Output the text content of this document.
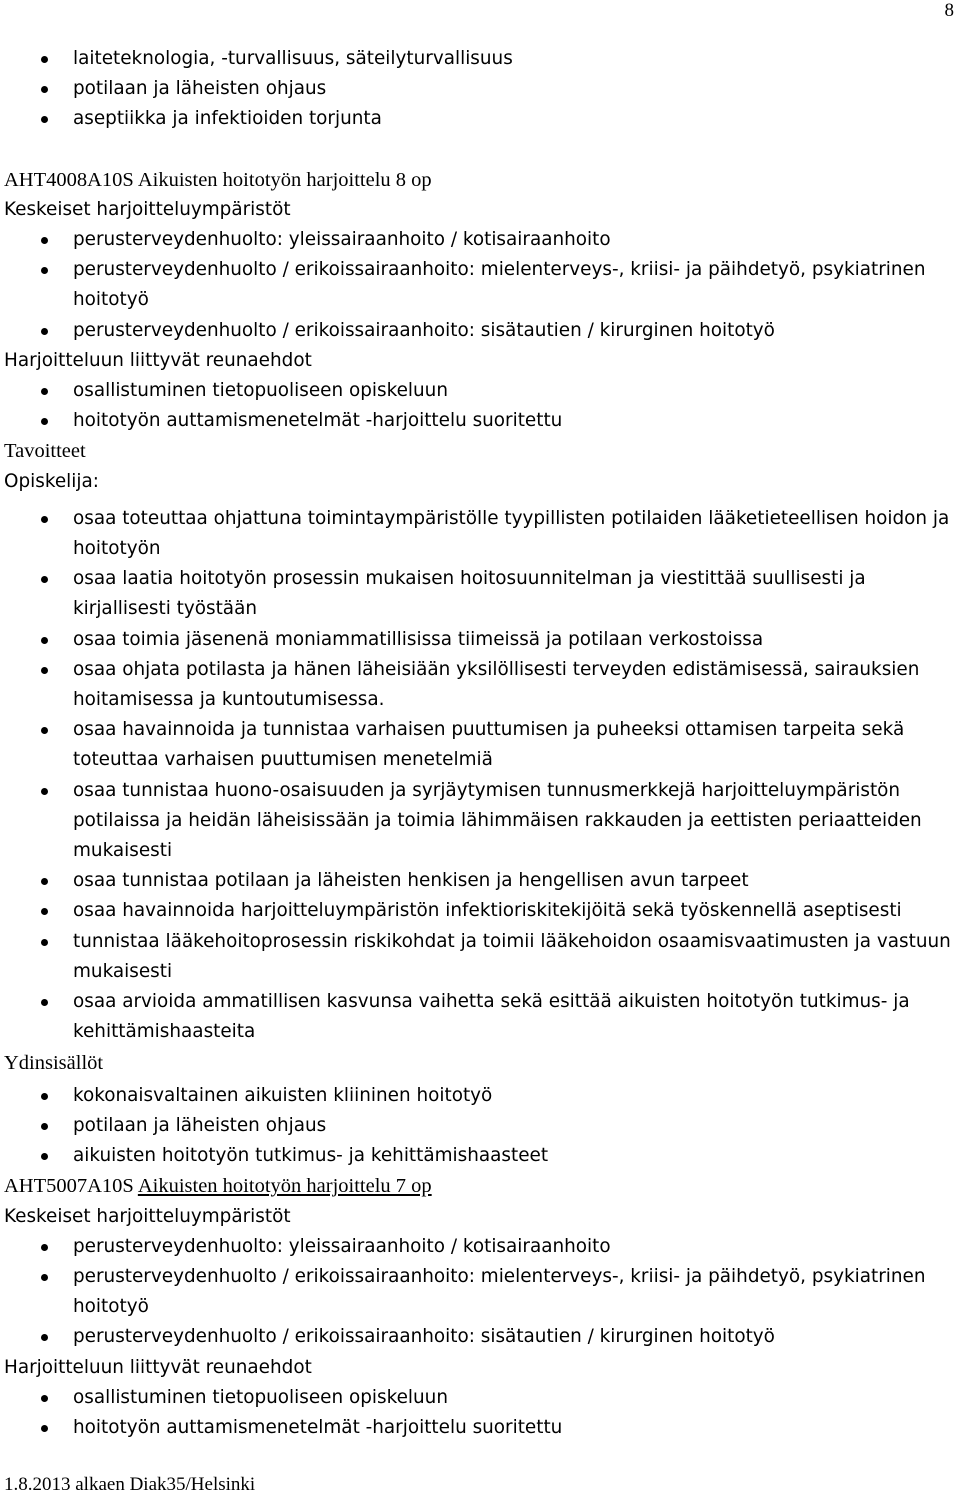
8
laiteteknologia, -turvallisuus, säteilyturvallisuus
potilaan ja läheisten ohjaus
aseptiikka ja infektioiden torjunta
AHT4008A10S Aikuisten hoitotyön harjoittelu 8 op
Keskeiset harjoitteluympäristöt
perusterveydenhuolto: yleissairaanhoito / kotisairaanhoito
perusterveydenhuolto / erikoissairaanhoito: mielenterveys-, kriisi- ja päihdetyö, psykiatrinen hoitotyö
perusterveydenhuolto / erikoissairaanhoito: sisätautien / kirurginen hoitotyö
Harjoitteluun liittyvät reunaehdot
osallistuminen tietopuoliseen opiskeluun
hoitotyön auttamismenetelmät -harjoittelu suoritettu
Tavoitteet
Opiskelija:
osaa toteuttaa ohjattuna toimintaympäristölle tyypillisten potilaiden lääketieteellisen hoidon ja hoitotyön
osaa laatia hoitotyön prosessin mukaisen hoitosuunnitelman ja viestittää suullisesti ja kirjallisesti työstään
osaa toimia jäsenenä moniammatillisissa tiimeissä ja potilaan verkostoissa
osaa ohjata potilasta ja hänen läheisiään yksilöllisesti terveyden edistämisessä, sairauksien hoitamisessa ja kuntoutumisessa.
osaa havainnoida ja tunnistaa varhaisen puuttumisen ja puheeksi ottamisen tarpeita sekä toteuttaa varhaisen puuttumisen menetelmiä
osaa tunnistaa huono-osaisuuden ja syrjäytymisen tunnusmerkkejä harjoitteluympäristön potilaissa ja heidän läheisissään ja toimia lähimmäisen rakkauden ja eettisten periaatteiden mukaisesti
osaa tunnistaa potilaan ja läheisten henkisen ja hengellisen avun tarpeet
osaa havainnoida harjoitteluympäristön infektioriskitekijöitä sekä työskennellä aseptisesti
tunnistaa lääkehoitoprosessin riskikohdat ja toimii lääkehoidon osaamisvaatimusten ja vastuun mukaisesti
osaa arvioida ammatillisen kasvunsa vaihetta sekä esittää aikuisten hoitotyön tutkimus- ja kehittämishaasteita
Ydinsisällöt
kokonaisvaltainen aikuisten kliininen hoitotyö
potilaan ja läheisten ohjaus
aikuisten hoitotyön tutkimus- ja kehittämishaasteet
AHT5007A10S Aikuisten hoitotyön harjoittelu 7 op
Keskeiset harjoitteluympäristöt
perusterveydenhuolto: yleissairaanhoito / kotisairaanhoito
perusterveydenhuolto / erikoissairaanhoito: mielenterveys-, kriisi- ja päihdetyö, psykiatrinen hoitotyö
perusterveydenhuolto / erikoissairaanhoito: sisätautien / kirurginen hoitotyö
Harjoitteluun liittyvät reunaehdot
osallistuminen tietopuoliseen opiskeluun
hoitotyön auttamismenetelmät -harjoittelu suoritettu
1.8.2013 alkaen Diak35/Helsinki
